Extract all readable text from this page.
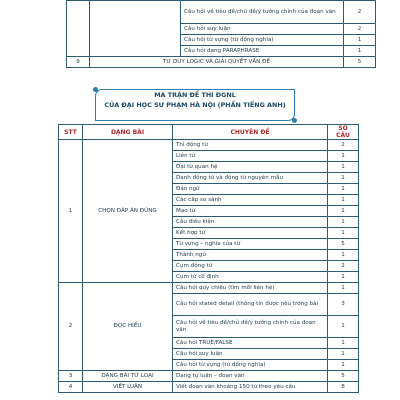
		Câu hỏi về tiêu đề/chủ đề/ý tưởng chính của đoạn văn	2
		Câu hỏi suy luận	2
		Câu hỏi từ vựng (từ đồng nghĩa)	1
		Câu hỏi dạng PARAPHRASE	1
9	TƯ DUY LOGIC VÀ GIẢI QUYẾT VẤN ĐỀ		5
MA TRẬN ĐỀ THI ĐGNL
CỦA ĐẠI HỌC SƯ PHẠM HÀ NỘI (PHẦN TIẾNG ANH)
STT	DẠNG BÀI	CHUYÊN ĐỀ	SỐ CÂU
1	CHỌN ĐÁP ÁN ĐÚNG	Thì động từ	2
		Liên từ	1
		Đại từ quan hệ	1
		Danh động từ và động từ nguyên mẫu	1
		Đảo ngữ	1
		Các cấp so sánh	1
		Mạo từ	1
		Câu điều kiện	1
		Kết hợp từ	1
		Từ vựng – nghĩa của từ	5
		Thành ngữ	1
		Cụm động từ	2
		Cụm từ cố định	1
2	ĐỌC HIỂU	Câu hỏi quy chiếu (tìm mối liên hệ)	1
		Câu hỏi stated detail (thông tin được nêu trong bài	3
		Câu hỏi về tiêu đề/chủ đề/ý tưởng chính của đoạn văn	1
		Câu hỏi TRUE/FALSE	1
		Câu hỏi suy luận	1
		Câu hỏi từ vựng (từ đồng nghĩa)	1
3	DẠNG BÀI TỪ LOẠI	Dạng tự luận – đoạn văn	5
4	VIẾT LUẬN	Viết đoạn văn khoảng 150 từ theo yêu cầu	8
